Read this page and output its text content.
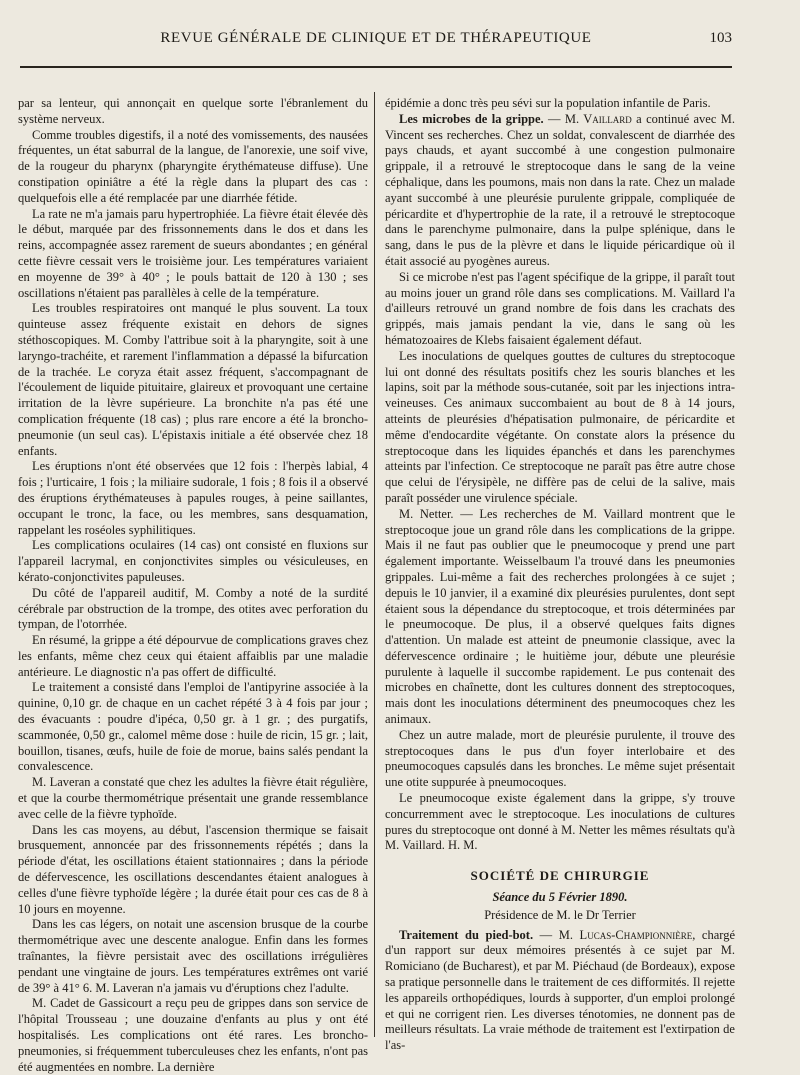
REVUE GÉNÉRALE DE CLINIQUE ET DE THÉRAPEUTIQUE	103

par sa lenteur, qui annonçait en quelque sorte l'ébranlement du système nerveux.

Comme troubles digestifs, il a noté des vomissements, des nausées fréquentes, un état saburral de la langue, de l'anorexie, une soif vive, de la rougeur du pharynx (pharyngite érythémateuse diffuse). Une constipation opiniâtre a été la règle dans la plupart des cas : quelquefois elle a été remplacée par une diarrhée fétide.

La rate ne m'a jamais paru hypertrophiée. La fièvre était élevée dès le début, marquée par des frissonnements dans le dos et dans les reins, accompagnée assez rarement de sueurs abondantes ; en général cette fièvre cessait vers le troisième jour. Les températures variaient en moyenne de 39° à 40° ; le pouls battait de 120 à 130 ; ses oscillations n'étaient pas parallèles à celle de la température.

Les troubles respiratoires ont manqué le plus souvent. La toux quinteuse assez fréquente existait en dehors de signes stéthoscopiques. M. Comby l'attribue soit à la pharyngite, soit à une laryngo-trachéite, et rarement l'inflammation a dépassé la bifurcation de la trachée. Le coryza était assez fréquent, s'accompagnant de l'écoulement de liquide pituitaire, glaireux et provoquant une certaine irritation de la lèvre supérieure. La bronchite n'a pas été une complication fréquente (18 cas) ; plus rare encore a été la broncho-pneumonie (un seul cas). L'épistaxis initiale a été observée chez 18 enfants.

Les éruptions n'ont été observées que 12 fois : l'herpès labial, 4 fois ; l'urticaire, 1 fois ; la miliaire sudorale, 1 fois ; 8 fois il a observé des éruptions érythémateuses à papules rouges, à peine saillantes, occupant le tronc, la face, ou les membres, sans desquamation, rappelant les roséoles syphilitiques.

Les complications oculaires (14 cas) ont consisté en fluxions sur l'appareil lacrymal, en conjonctivites simples ou vésiculeuses, en kérato-conjonctivites papuleuses.

Du côté de l'appareil auditif, M. Comby a noté de la surdité cérébrale par obstruction de la trompe, des otites avec perforation du tympan, de l'otorrhée.

En résumé, la grippe a été dépourvue de complications graves chez les enfants, même chez ceux qui étaient affaiblis par une maladie antérieure. Le diagnostic n'a pas offert de difficulté.

Le traitement a consisté dans l'emploi de l'antipyrine associée à la quinine, 0,10 gr. de chaque en un cachet répété 3 à 4 fois par jour ; des évacuants : poudre d'ipéca, 0,50 gr. à 1 gr. ; des purgatifs, scammonée, 0,50 gr., calomel même dose : huile de ricin, 15 gr. ; lait, bouillon, tisanes, œufs, huile de foie de morue, bains salés pendant la convalescence.

M. Laveran a constaté que chez les adultes la fièvre était régulière, et que la courbe thermométrique présentait une grande ressemblance avec celle de la fièvre typhoïde.

Dans les cas moyens, au début, l'ascension thermique se faisait brusquement, annoncée par des frissonnements répétés ; dans la période d'état, les oscillations étaient stationnaires ; dans la période de défervescence, les oscillations descendantes étaient analogues à celles d'une fièvre typhoïde légère ; la durée était pour ces cas de 8 à 10 jours en moyenne.

Dans les cas légers, on notait une ascension brusque de la courbe thermométrique avec une descente analogue. Enfin dans les formes traînantes, la fièvre persistait avec des oscillations irrégulières pendant une vingtaine de jours. Les températures extrêmes ont varié de 39° à 41° 6. M. Laveran n'a jamais vu d'éruptions chez l'adulte.

M. Cadet de Gassicourt a reçu peu de grippes dans son service de l'hôpital Trousseau ; une douzaine d'enfants au plus y ont été hospitalisés. Les complications ont été rares. Les broncho-pneumonies, si fréquemment tuberculeuses chez les enfants, n'ont pas été augmentées en nombre. La dernière

épidémie a donc très peu sévi sur la population infantile de Paris.

Les microbes de la grippe. — M. Vaillard a continué avec M. Vincent ses recherches. Chez un soldat, convalescent de diarrhée des pays chauds, et ayant succombé à une congestion pulmonaire grippale, il a retrouvé le streptocoque dans le sang de la veine céphalique, dans les poumons, mais non dans la rate. Chez un malade ayant succombé à une pleurésie purulente grippale, compliquée de péricardite et d'hypertrophie de la rate, il a retrouvé le streptocoque dans le parenchyme pulmonaire, dans la pulpe splénique, dans le sang, dans le pus de la plèvre et dans le liquide péricardique où il était associé au pyogènes aureus.

Si ce microbe n'est pas l'agent spécifique de la grippe, il paraît tout au moins jouer un grand rôle dans ses complications. M. Vaillard l'a d'ailleurs retrouvé un grand nombre de fois dans les crachats des grippés, mais jamais pendant la vie, dans le sang où les hématozoaires de Klebs faisaient également défaut.

Les inoculations de quelques gouttes de cultures du streptocoque lui ont donné des résultats positifs chez les souris blanches et les lapins, soit par la méthode sous-cutanée, soit par les injections intra-veineuses. Ces animaux succombaient au bout de 8 à 14 jours, atteints de pleurésies d'hépatisation pulmonaire, de péricardite et même d'endocardite végétante. On constate alors la présence du streptocoque dans les liquides épanchés et dans les parenchymes atteints par l'infection. Ce streptocoque ne paraît pas être autre chose que celui de l'érysipèle, ne diffère pas de celui de la salive, mais paraît posséder une virulence spéciale.

M. Netter. — Les recherches de M. Vaillard montrent que le streptocoque joue un grand rôle dans les complications de la grippe. Mais il ne faut pas oublier que le pneumocoque y prend une part également importante. Weisselbaum l'a trouvé dans les pneumonies grippales. Lui-même a fait des recherches prolongées à ce sujet ; depuis le 10 janvier, il a examiné dix pleurésies purulentes, dont sept étaient sous la dépendance du streptocoque, et trois déterminées par le pneumocoque. De plus, il a observé quelques faits dignes d'attention. Un malade est atteint de pneumonie classique, avec la défervescence ordinaire ; le huitième jour, débute une pleurésie purulente à laquelle il succombe rapidement. Le pus contenait des microbes en chaînette, dont les cultures donnent des streptocoques, mais dont les inoculations déterminent des pneumocoques chez les animaux.

Chez un autre malade, mort de pleurésie purulente, il trouve des streptocoques dans le pus d'un foyer interlobaire et des pneumocoques capsulés dans les bronches. Le même sujet présentait une otite suppurée à pneumocoques.

Le pneumocoque existe également dans la grippe, s'y trouve concurremment avec le streptocoque. Les inoculations de cultures pures du streptocoque ont donné à M. Netter les mêmes résultats qu'à M. Vaillard. H. M.

SOCIÉTÉ DE CHIRURGIE
Séance du 5 Février 1890.
Présidence de M. le Dr Terrier

Traitement du pied-bot. — M. Lucas-Championnière, chargé d'un rapport sur deux mémoires présentés à ce sujet par M. Romiciano (de Bucharest), et par M. Piéchaud (de Bordeaux), expose sa pratique personnelle dans le traitement de ces difformités. Il rejette les appareils orthopédiques, lourds à supporter, d'un emploi prolongé et qui ne corrigent rien. Les diverses ténotomies, ne donnent pas de meilleurs résultats. La vraie méthode de traitement est l'extirpation de l'as-
